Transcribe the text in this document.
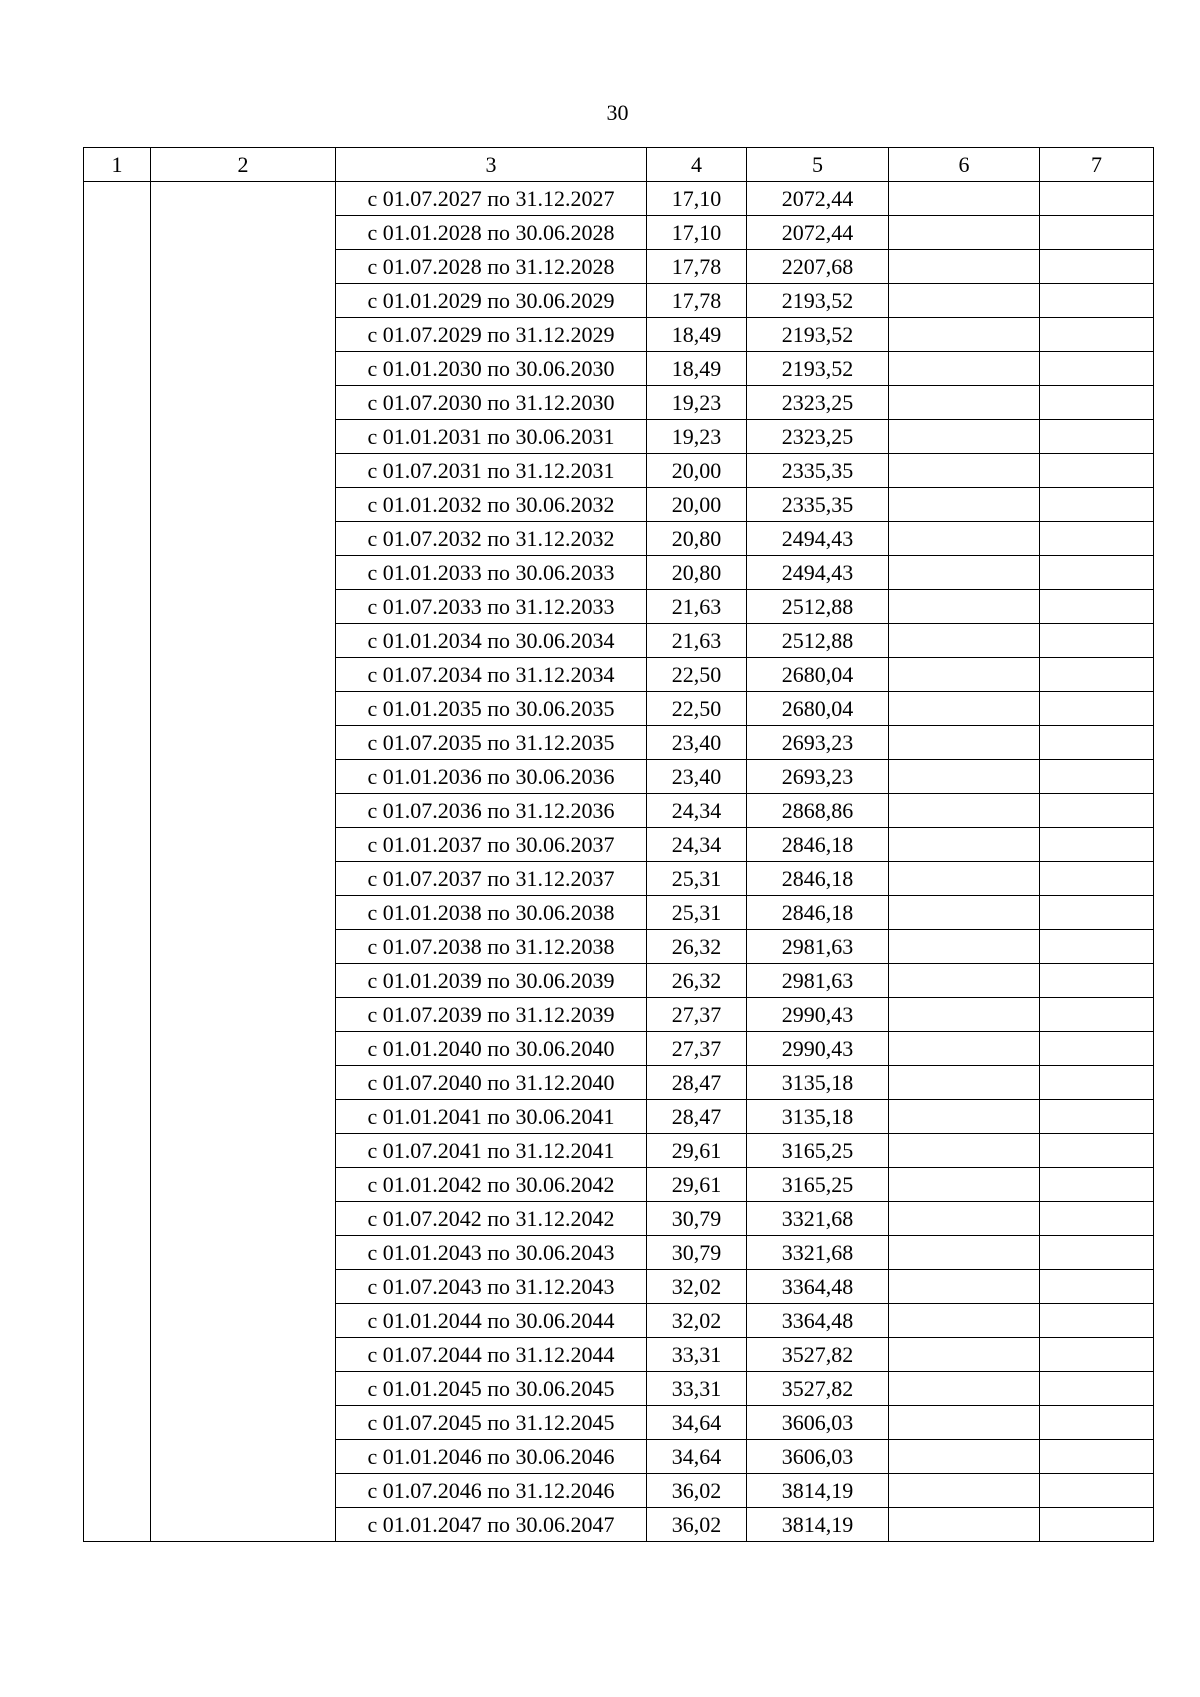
30
1	2	3	4	5	6	7
		с 01.07.2027 по 31.12.2027	17,10	2072,44		
		с 01.01.2028 по 30.06.2028	17,10	2072,44		
		с 01.07.2028 по 31.12.2028	17,78	2207,68		
		с 01.01.2029 по 30.06.2029	17,78	2193,52		
		с 01.07.2029 по 31.12.2029	18,49	2193,52		
		с 01.01.2030 по 30.06.2030	18,49	2193,52		
		с 01.07.2030 по 31.12.2030	19,23	2323,25		
		с 01.01.2031 по 30.06.2031	19,23	2323,25		
		с 01.07.2031 по 31.12.2031	20,00	2335,35		
		с 01.01.2032 по 30.06.2032	20,00	2335,35		
		с 01.07.2032 по 31.12.2032	20,80	2494,43		
		с 01.01.2033 по 30.06.2033	20,80	2494,43		
		с 01.07.2033 по 31.12.2033	21,63	2512,88		
		с 01.01.2034 по 30.06.2034	21,63	2512,88		
		с 01.07.2034 по 31.12.2034	22,50	2680,04		
		с 01.01.2035 по 30.06.2035	22,50	2680,04		
		с 01.07.2035 по 31.12.2035	23,40	2693,23		
		с 01.01.2036 по 30.06.2036	23,40	2693,23		
		с 01.07.2036 по 31.12.2036	24,34	2868,86		
		с 01.01.2037 по 30.06.2037	24,34	2846,18		
		с 01.07.2037 по 31.12.2037	25,31	2846,18		
		с 01.01.2038 по 30.06.2038	25,31	2846,18		
		с 01.07.2038 по 31.12.2038	26,32	2981,63		
		с 01.01.2039 по 30.06.2039	26,32	2981,63		
		с 01.07.2039 по 31.12.2039	27,37	2990,43		
		с 01.01.2040 по 30.06.2040	27,37	2990,43		
		с 01.07.2040 по 31.12.2040	28,47	3135,18		
		с 01.01.2041 по 30.06.2041	28,47	3135,18		
		с 01.07.2041 по 31.12.2041	29,61	3165,25		
		с 01.01.2042 по 30.06.2042	29,61	3165,25		
		с 01.07.2042 по 31.12.2042	30,79	3321,68		
		с 01.01.2043 по 30.06.2043	30,79	3321,68		
		с 01.07.2043 по 31.12.2043	32,02	3364,48		
		с 01.01.2044 по 30.06.2044	32,02	3364,48		
		с 01.07.2044 по 31.12.2044	33,31	3527,82		
		с 01.01.2045 по 30.06.2045	33,31	3527,82		
		с 01.07.2045 по 31.12.2045	34,64	3606,03		
		с 01.01.2046 по 30.06.2046	34,64	3606,03		
		с 01.07.2046 по 31.12.2046	36,02	3814,19		
		с 01.01.2047 по 30.06.2047	36,02	3814,19		
